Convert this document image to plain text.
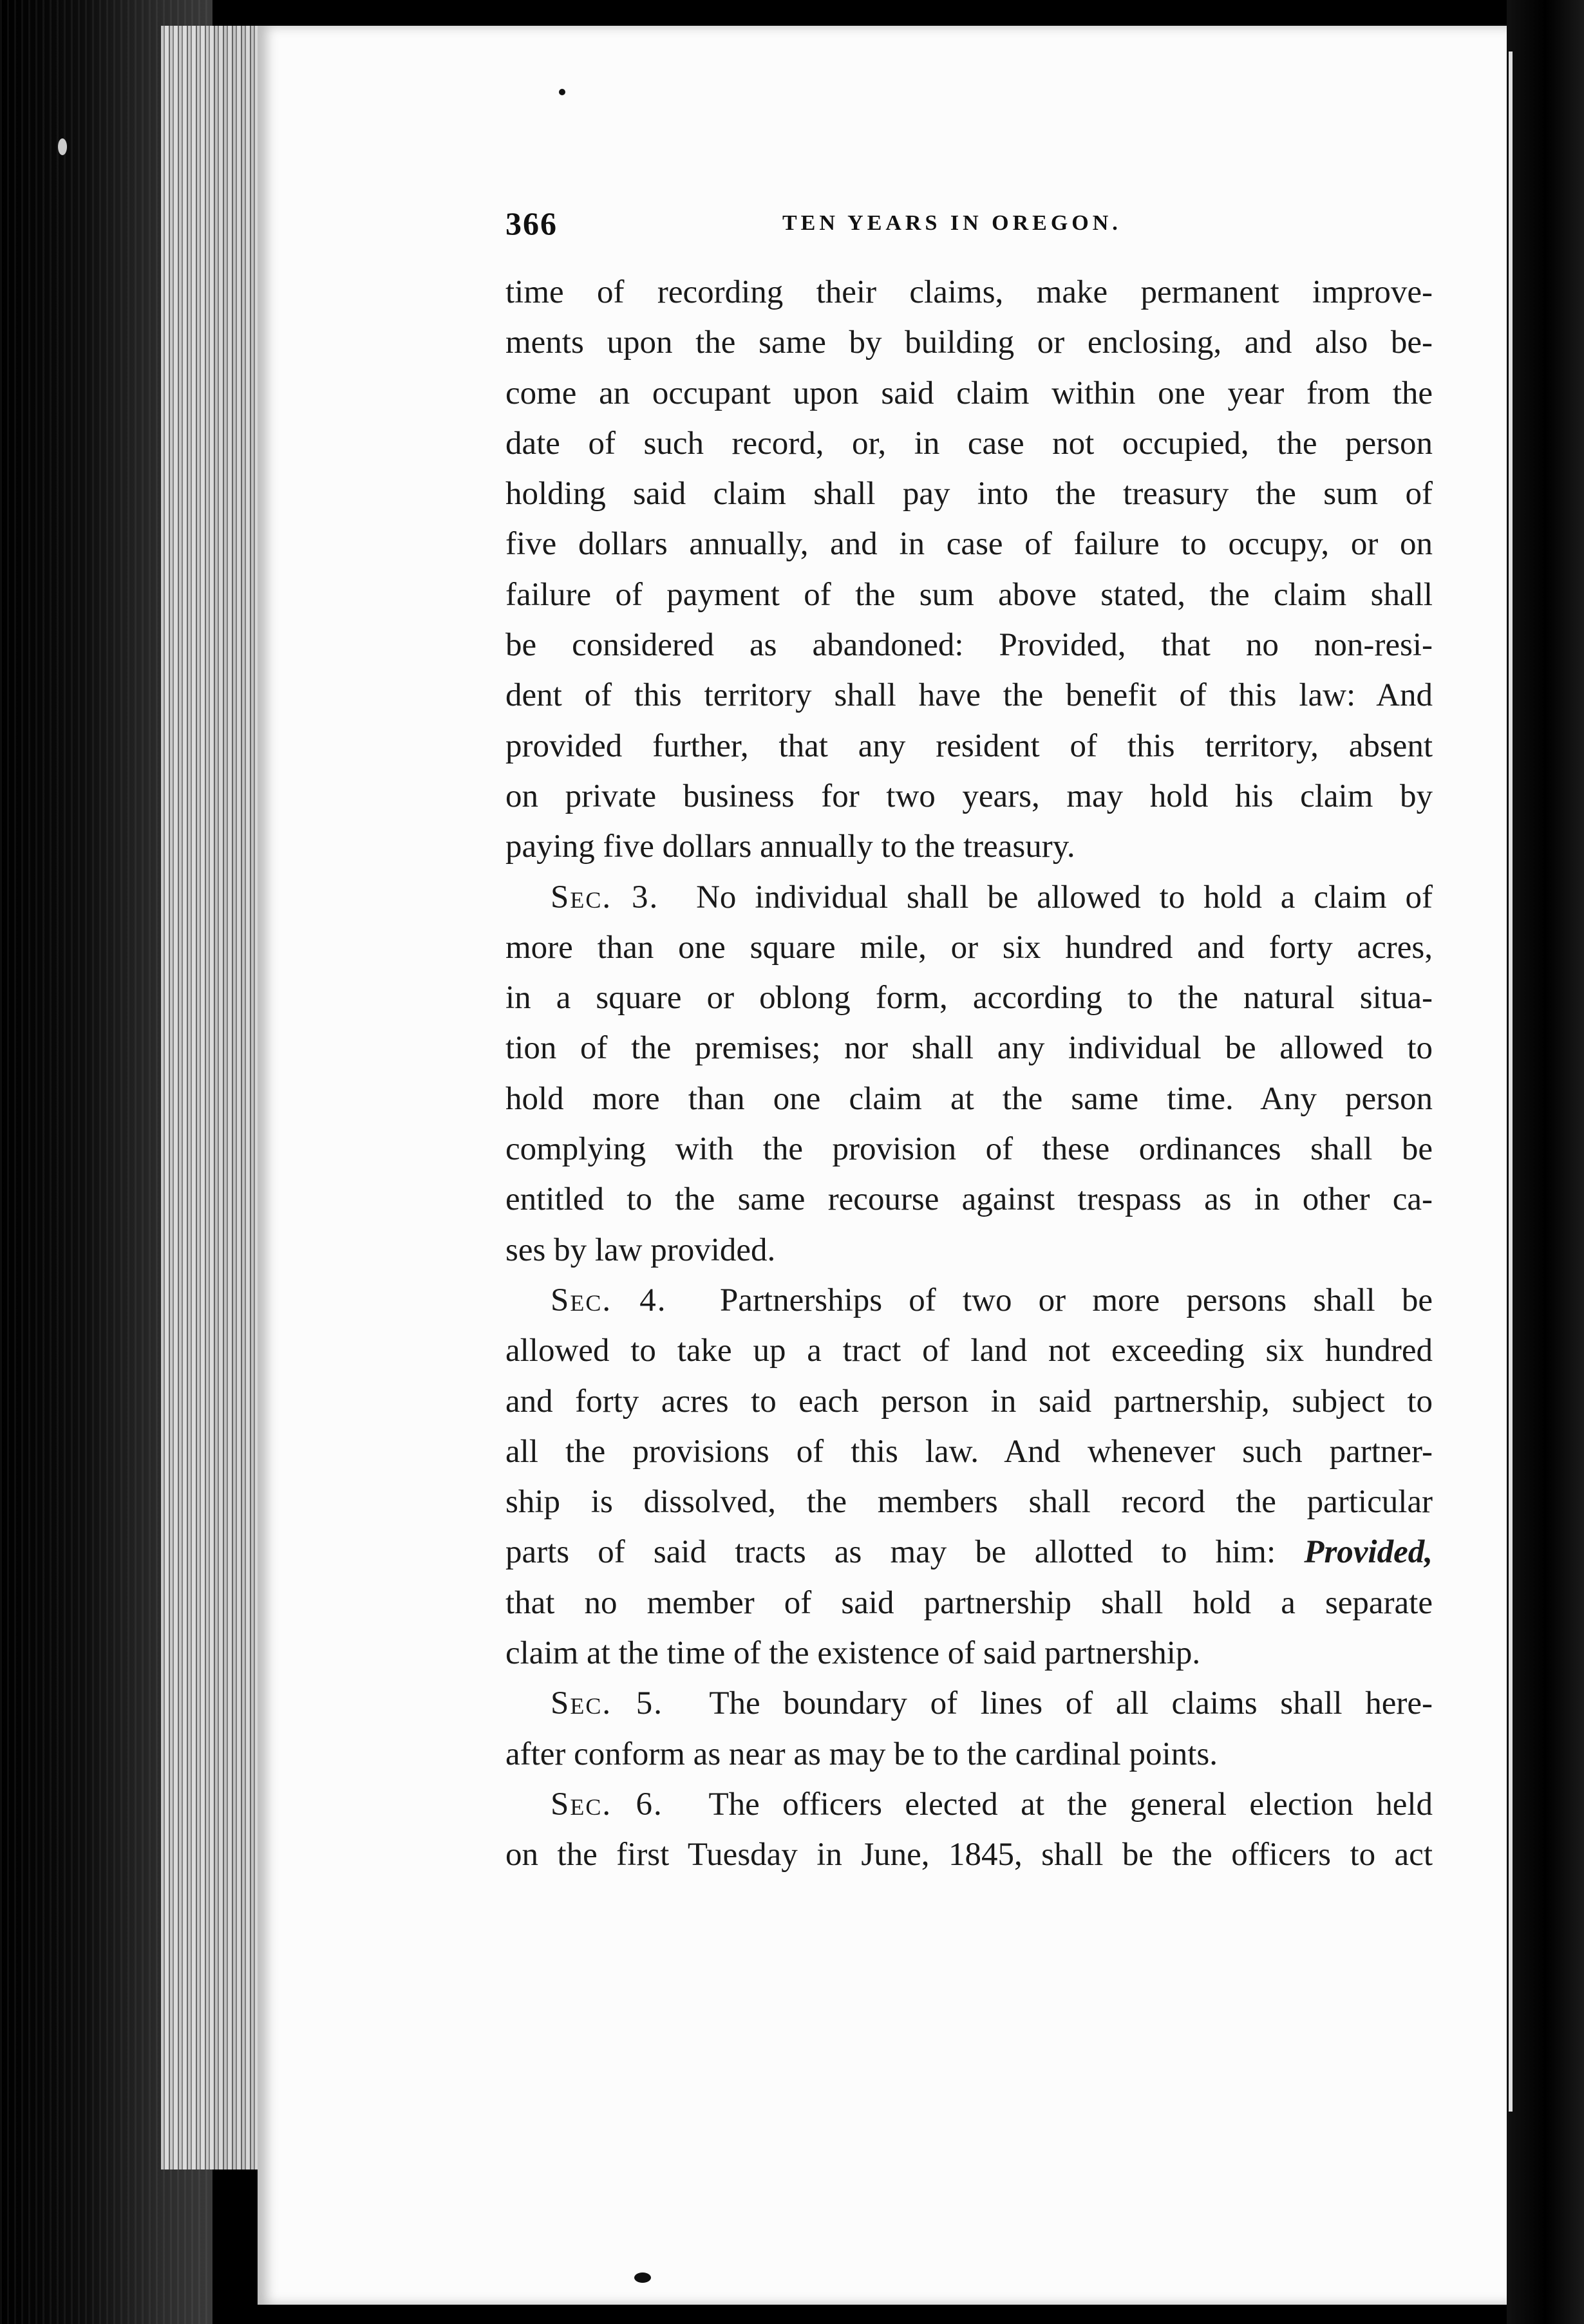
366	TEN YEARS IN OREGON.
time of recording their claims, make permanent improve-
ments upon the same by building or enclosing, and also be-
come an occupant upon said claim within one year from the
date of such record, or, in case not occupied, the person
holding said claim shall pay into the treasury the sum of
five dollars annually, and in case of failure to occupy, or on
failure of payment of the sum above stated, the claim shall
be considered as abandoned: Provided, that no non-resi-
dent of this territory shall have the benefit of this law: And
provided further, that any resident of this territory, absent
on private business for two years, may hold his claim by
paying five dollars annually to the treasury.
Sec. 3. No individual shall be allowed to hold a claim of
more than one square mile, or six hundred and forty acres,
in a square or oblong form, according to the natural situa-
tion of the premises; nor shall any individual be allowed to
hold more than one claim at the same time. Any person
complying with the provision of these ordinances shall be
entitled to the same recourse against trespass as in other ca-
ses by law provided.
Sec. 4. Partnerships of two or more persons shall be
allowed to take up a tract of land not exceeding six hundred
and forty acres to each person in said partnership, subject to
all the provisions of this law. And whenever such partner-
ship is dissolved, the members shall record the particular
parts of said tracts as may be allotted to him: Provided,
that no member of said partnership shall hold a separate
claim at the time of the existence of said partnership.
Sec. 5. The boundary of lines of all claims shall here-
after conform as near as may be to the cardinal points.
Sec. 6. The officers elected at the general election held
on the first Tuesday in June, 1845, shall be the officers to act
